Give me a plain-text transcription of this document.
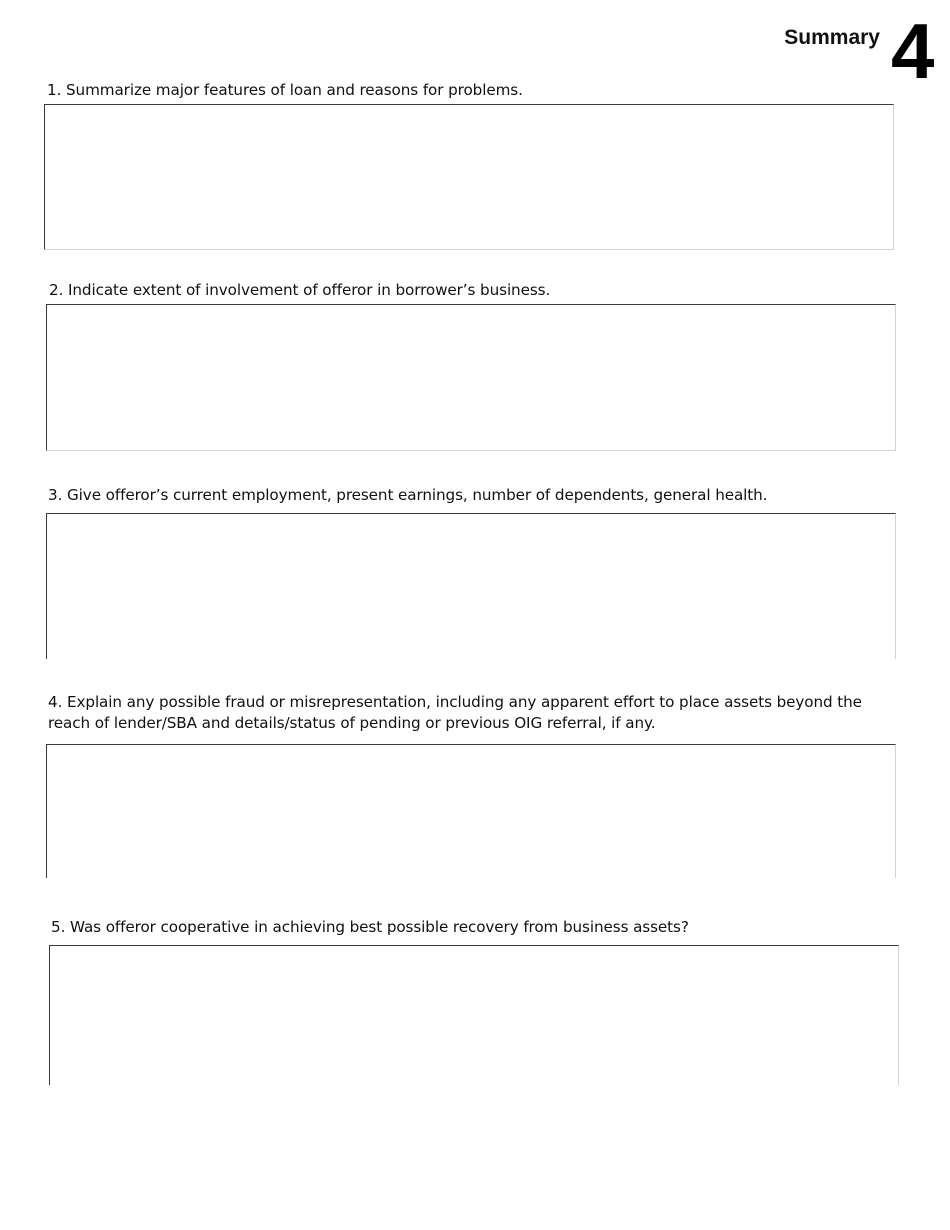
Summary 4
1. Summarize major features of loan and reasons for problems.
2. Indicate extent of involvement of offeror in borrower’s business.
3. Give offeror’s current employment, present earnings, number of dependents, general health.
4. Explain any possible fraud or misrepresentation, including any apparent effort to place assets beyond the
reach of lender/SBA and details/status of pending or previous OIG referral, if any.
5. Was offeror cooperative in achieving best possible recovery from business assets?
